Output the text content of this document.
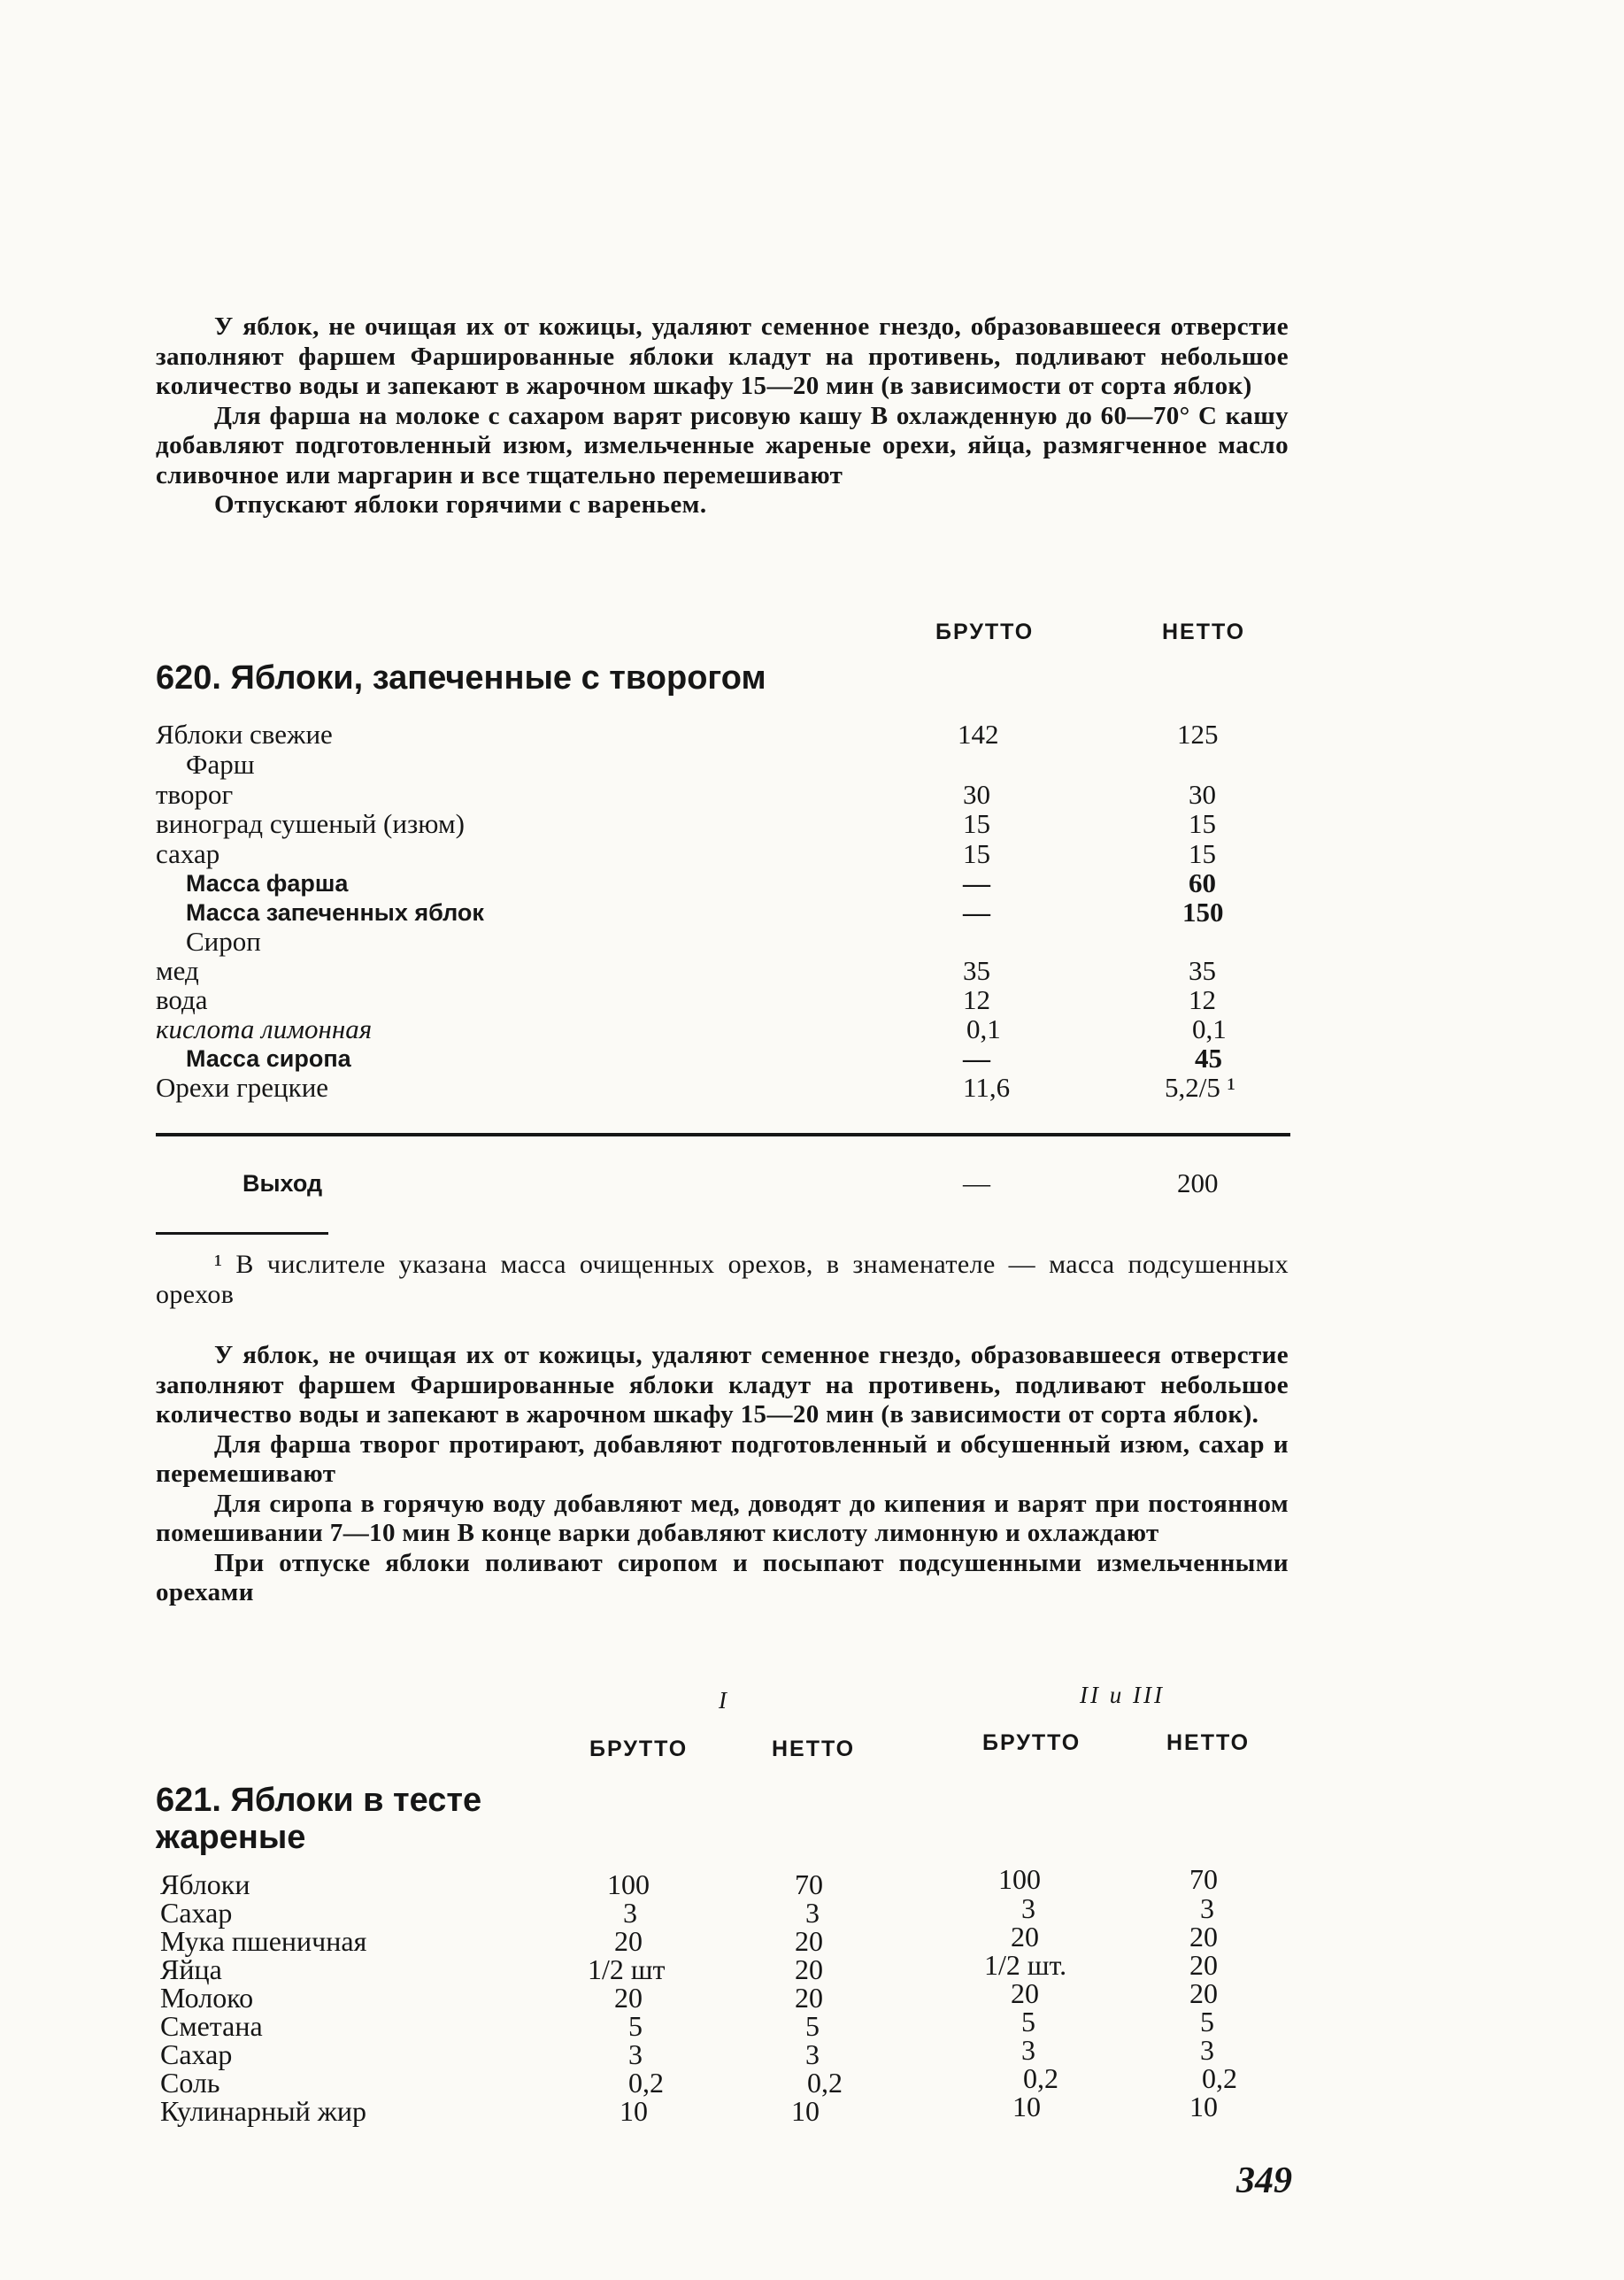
У яблок, не очищая их от кожицы, удаляют семенное гнездо, образовавшееся отверстие заполняют фаршем Фаршированные яблоки кладут на противень, подливают небольшое количество воды и запекают в жарочном шкафу 15—20 мин (в зависимости от сорта яблок)

Для фарша на молоке с сахаром варят рисовую кашу В охлажденную до 60—70° С кашу добавляют подготовленный изюм, измельченные жареные орехи, яйца, размягченное масло сливочное или маргарин и все тщательно перемешивают

Отпускают яблоки горячими с вареньем.

БРУТТО	НЕТТО
620. Яблоки, запеченные с творогом
Яблоки свежие	142	125
Фарш
творог	30	30
виноград сушеный (изюм)	15	15
сахар	15	15
Масса фарша	—	60
Масса запеченных яблок	—	150
Сироп
мед	35	35
вода	12	12
кислота лимонная	0,1	0,1
Масса сиропа	—	45
Орехи грецкие	11,6	5,2/5 ¹
Выход	—	200

¹ В числителе указана масса очищенных орехов, в знаменателе — масса подсушенных орехов

У яблок, не очищая их от кожицы, удаляют семенное гнездо, образовавшееся отверстие заполняют фаршем Фаршированные яблоки кладут на противень, подливают небольшое количество воды и запекают в жарочном шкафу 15—20 мин (в зависимости от сорта яблок).

Для фарша творог протирают, добавляют подготовленный и обсушенный изюм, сахар и перемешивают

Для сиропа в горячую воду добавляют мед, доводят до кипения и варят при постоянном помешивании 7—10 мин В конце варки добавляют кислоту лимонную и охлаждают

При отпуске яблоки поливают сиропом и посыпают подсушенными измельченными орехами

I	II и III
БРУТТО	НЕТТО	БРУТТО	НЕТТО
621. Яблоки в тесте
жареные
Яблоки	100	70	100	70
Сахар	3	3	3	3
Мука пшеничная	20	20	20	20
Яйца	1/2 шт	20	1/2 шт.	20
Молоко	20	20	20	20
Сметана	5	5	5	5
Сахар	3	3	3	3
Соль	0,2	0,2	0,2	0,2
Кулинарный жир	10	10	10	10
349
